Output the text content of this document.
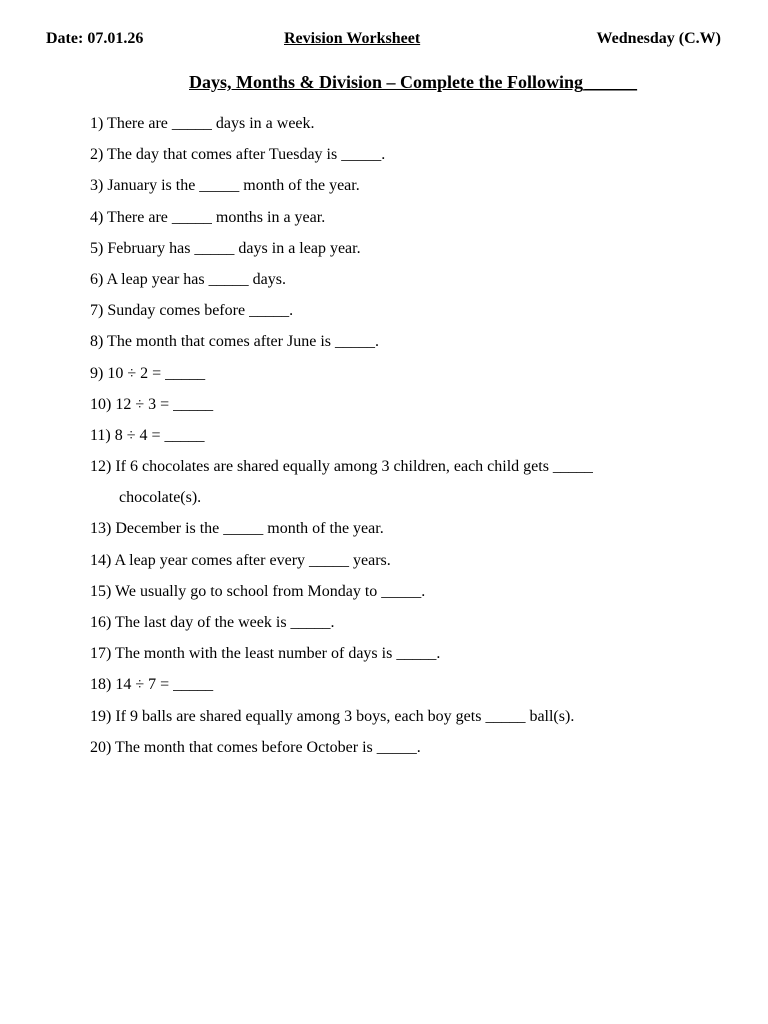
Date: 07.01.26	Revision Worksheet	Wednesday (C.W)
Days, Months & Division – Complete the Following______
1) There are _____ days in a week.
2) The day that comes after Tuesday is _____.
3) January is the _____ month of the year.
4) There are _____ months in a year.
5) February has _____ days in a leap year.
6) A leap year has _____ days.
7) Sunday comes before _____.
8) The month that comes after June is _____.
9) 10 ÷ 2 = _____
10) 12 ÷ 3 = _____
11) 8 ÷ 4 = _____
12) If 6 chocolates are shared equally among 3 children, each child gets _____
chocolate(s).
13) December is the _____ month of the year.
14) A leap year comes after every _____ years.
15) We usually go to school from Monday to _____.
16) The last day of the week is _____.
17) The month with the least number of days is _____.
18) 14 ÷ 7 = _____
19) If 9 balls are shared equally among 3 boys, each boy gets _____ ball(s).
20) The month that comes before October is _____.
